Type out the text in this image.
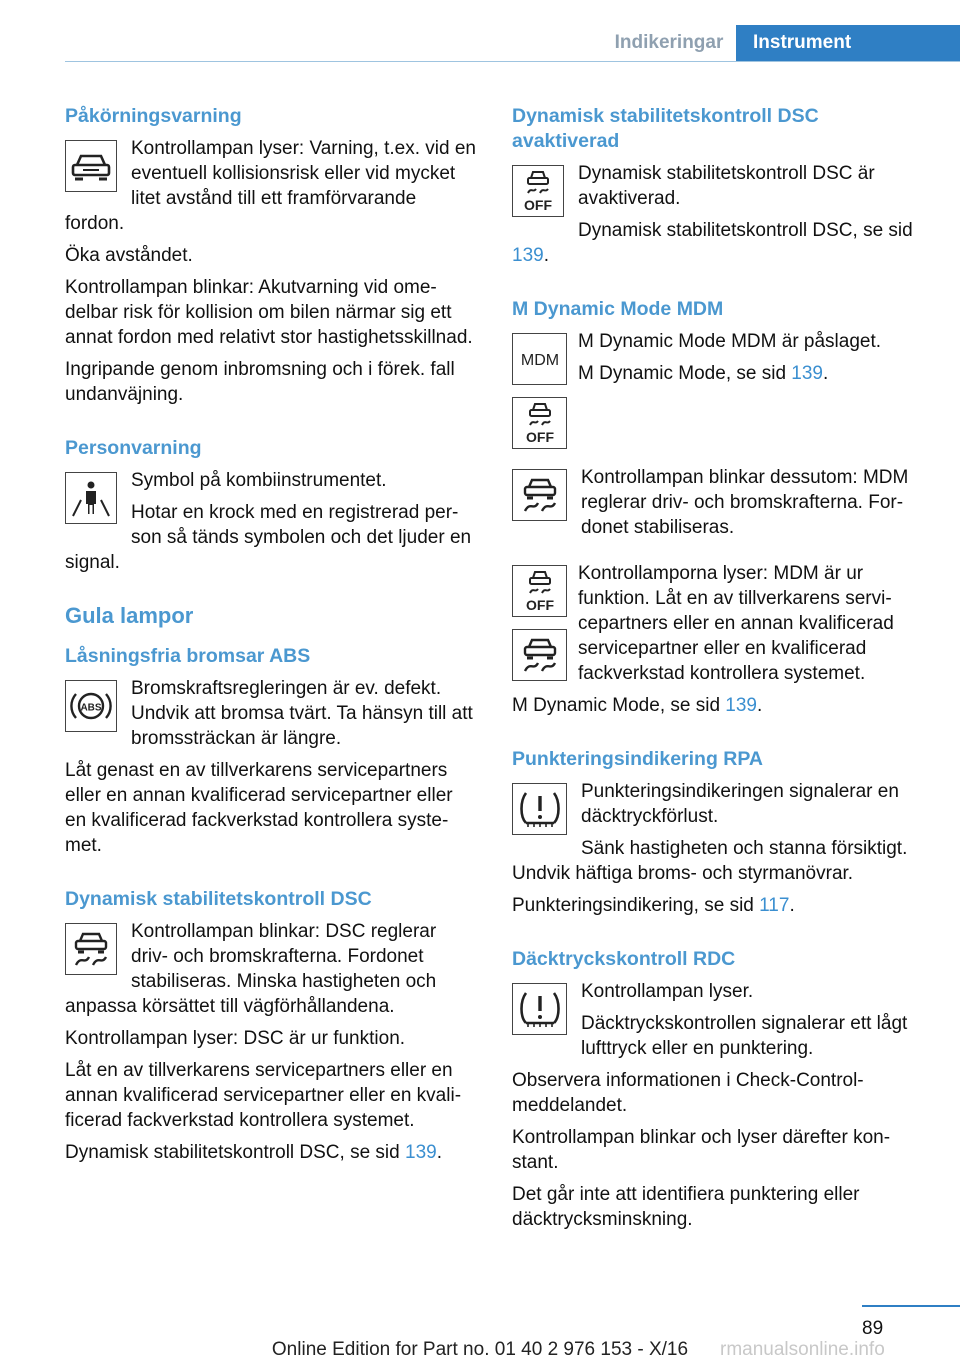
Indikeringar	Instrument
Påkörningsvarning

Kontrollampan lyser: Varning, t.ex. vid en eventuell kollisionsrisk eller vid mycket litet avstånd till ett framförvarande fordon.

Öka avståndet.

Kontrollampan blinkar: Akutvarning vid omedelbar risk för kollision om bilen närmar sig ett annat fordon med relativt stor hastighetsskillnad.

Ingripande genom inbromsning och i förek. fall undanväjning.

Personvarning

Symbol på kombiinstrumentet.

Hotar en krock med en registrerad person så tänds symbolen och det ljuder en signal.

Gula lampor
Låsningsfria bromsar ABS
ABS

Bromskraftsregleringen är ev. defekt. Undvik att bromsa tvärt. Ta hänsyn till att bromssträckan är längre.

Låt genast en av tillverkarens servicepartners eller en annan kvalificerad servicepartner eller en kvalificerad fackverkstad kontrollera systemet.

Dynamisk stabilitetskontroll DSC

Kontrollampan blinkar: DSC reglerar driv- och bromskrafterna. Fordonet stabiliseras. Minska hastigheten och anpassa körsättet till vägförhållandena.

Kontrollampan lyser: DSC är ur funktion.

Låt en av tillverkarens servicepartners eller en annan kvalificerad servicepartner eller en kvalificerad fackverkstad kontrollera systemet.

Dynamisk stabilitetskontroll DSC, se sid 139.

Dynamisk stabilitetskontroll DSC avaktiverad
OFF

Dynamisk stabilitetskontroll DSC är avaktiverad.

Dynamisk stabilitetskontroll DSC, se sid 139.

M Dynamic Mode MDM
MDM
OFF

M Dynamic Mode MDM är påslaget.

M Dynamic Mode, se sid 139.

Kontrollampan blinkar dessutom: MDM reglerar driv- och bromskrafterna. Fordonet stabiliseras.

OFF

Kontrollamporna lyser: MDM är ur funktion. Låt en av tillverkarens servicepartners eller en annan kvalificerad servicepartner eller en kvalificerad fackverkstad kontrollera systemet.

M Dynamic Mode, se sid 139.

Punkteringsindikering RPA

Punkteringsindikeringen signalerar en däcktryckförlust.

Sänk hastigheten och stanna försiktigt. Undvik häftiga broms- och styrmanövrar.

Punkteringsindikering, se sid 117.

Däcktryckskontroll RDC

Kontrollampan lyser.

Däcktryckskontrollen signalerar ett lågt lufttryck eller en punktering.

Observera informationen i Check-Control-meddelandet.

Kontrollampan blinkar och lyser därefter konstant.

Det går inte att identifiera punktering eller däcktrycksminskning.

89
Online Edition for Part no. 01 40 2 976 153 - X/16	rmanualsonline.info
